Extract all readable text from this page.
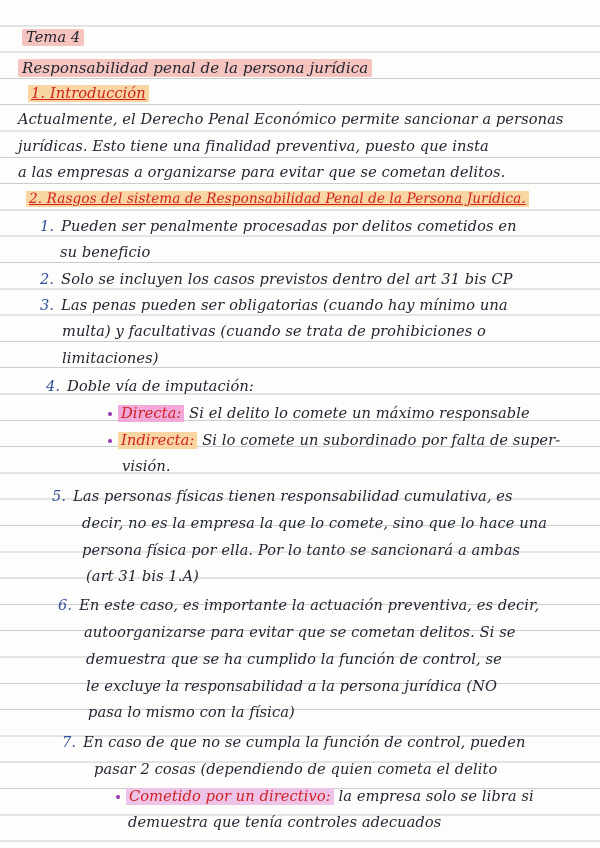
Tema 4
Responsabilidad penal de la persona jurídica
1. Introducción
Actualmente, el Derecho Penal Económico permite sancionar a personas
jurídicas. Esto tiene una finalidad preventiva, puesto que insta
a las empresas a organizarse para evitar que se cometan delitos.
2. Rasgos del sistema de Responsabilidad Penal de la Persona Jurídica.
1. Pueden ser penalmente procesadas por delitos cometidos en
su beneficio
2. Solo se incluyen los casos previstos dentro del art 31 bis CP
3. Las penas pueden ser obligatorias (cuando hay mínimo una
multa) y facultativas (cuando se trata de prohibiciones o
limitaciones)
4. Doble vía de imputación:
Directa: Si el delito lo comete un máximo responsable
Indirecta: Si lo comete un subordinado por falta de super-
visión.
5. Las personas físicas tienen responsabilidad cumulativa, es
decir, no es la empresa la que lo comete, sino que lo hace una
persona física por ella. Por lo tanto se sancionará a ambas
(art 31 bis 1.A)
6. En este caso, es importante la actuación preventiva, es decir,
autoorganizarse para evitar que se cometan delitos. Si se
demuestra que se ha cumplido la función de control, se
le excluye la responsabilidad a la persona jurídica (NO
pasa lo mismo con la física)
7. En caso de que no se cumpla la función de control, pueden
pasar 2 cosas (dependiendo de quien cometa el delito
Cometido por un directivo: la empresa solo se libra si
demuestra que tenía controles adecuados
